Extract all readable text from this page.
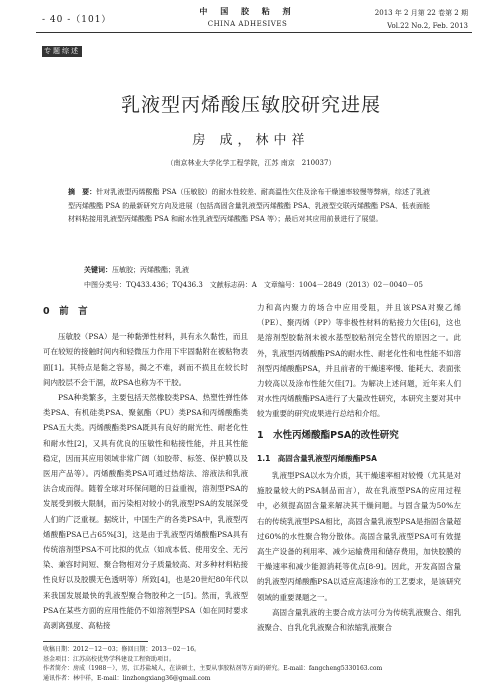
- 40 -（101）
中 国 胶 粘 剂
CHINA ADHESIVES
2013 年 2 月第 22 卷第 2 期
Vol.22 No.2, Feb. 2013
专题综述
乳液型丙烯酸压敏胶研究进展
房 成，林中祥
（南京林业大学化学工程学院，江苏 南京　210037）
摘　要：针对乳液型丙烯酸酯 PSA（压敏胶）的耐水性较差、耐高温性欠佳及涂布干燥速率较慢等弊病，综述了乳液型丙烯酸酯 PSA 的最新研究方向及进展（包括高固含量乳液型丙烯酸酯 PSA、乳液型交联丙烯酸酯 PSA、低表面能材料粘接用乳液型丙烯酸酯 PSA 和耐水性乳液型丙烯酸酯 PSA 等）；最后对其应用前景进行了展望。
关键词：压敏胶；丙烯酸酯；乳液
中图分类号：TQ433.436；TQ436.3　文献标志码：A　文章编号：1004－2849（2013）02－0040－05
0　前　言

压敏胶（PSA）是一种黏弹性材料，具有永久黏性，而且可在较短的接触时间内和轻微压力作用下牢固黏附在被粘物表面[1]。其特点是黏之容易，揭之不难，剥而不损且在较长时间内胶层不会干涸，故PSA也称为不干胶。

PSA种类繁多，主要包括天然橡胶类PSA、热塑性弹性体类PSA、有机硅类PSA、聚氨酯（PU）类PSA和丙烯酸酯类PSA五大类。丙烯酸酯类PSA既具有良好的耐光性、耐老化性和耐水性[2]，又具有优良的压敏性和粘接性能，并且其性能稳定，因而其应用领域非常广阔（如胶带、标签、保护膜以及医用产品等）。丙烯酸酯类PSA可通过热熔法、溶液法和乳液法合成而得。随着全球对环保问题的日益重视，溶剂型PSA的发展受到极大限制，而污染相对较小的乳液型PSA的发展深受人们的广泛重视。据统计，中国生产的各类PSA中，乳液型丙烯酸酯PSA已占65%[3]，这是由于乳液型丙烯酸酯PSA具有传统溶剂型PSA不可比拟的优点（如成本低、使用安全、无污染、兼容时间短、聚合物相对分子质量较高、对多种材料粘接性良好以及胶膜无色透明等）所致[4]，也是20世纪80年代以来我国发展最快的乳液型聚合物胶种之一[5]。然而，乳液型PSA在某些方面的应用性能仍不如溶剂型PSA（如在同时要求高剥离强度、高粘接

力和高内聚力的场合中应用受阻，并且该PSA对聚乙烯（PE）、聚丙烯（PP）等非极性材料的粘接力欠佳[6]，这也是溶剂型胶黏剂未被水基型胶粘剂完全替代的原因之一。此外，乳液型丙烯酸酯PSA的耐水性、耐老化性和电性能不如溶剂型丙烯酸酯PSA，并且前者的干燥速率慢、能耗大、表面张力较高以及涂布性能欠佳[7]。为解决上述问题，近年来人们对水性丙烯酸酯PSA进行了大量改性研究，本研究主要对其中较为重要的研究成果进行总结和介绍。

1　水性丙烯酸酯PSA的改性研究
1.1　高固含量乳液型丙烯酸酯PSA

乳液型PSA以水为介质，其干燥速率相对较慢（尤其是对施胶量较大的PSA制品而言），故在乳液型PSA的应用过程中，必须提高固含量来解决其干燥问题。与固含量为50%左右的传统乳液型PSA相比，高固含量乳液型PSA是指固含量超过60%的水性聚合物分散体。高固含量乳液型PSA可有效提高生产设备的利用率、减少运输费用和储存费用，加快胶膜的干燥速率和减少能源消耗等优点[8-9]。因此，开发高固含量的乳液型丙烯酸酯PSA以适应高速涂布的工艺要求，是该研究领域的重要课题之一。

高固含量乳液的主要合成方法可分为传统乳液聚合、细乳液聚合、自乳化乳液聚合和浓缩乳液聚合

收稿日期：2012－12－03；修回日期：2013－02－16。
基金项目：江苏高校优势学科建设工程资助项目。
作者简介：房成（1988－），男，江苏盐城人，在读硕士，主要从事胶粘剂等方面的研究。E-mail：fangcheng5330163.com
通讯作者：林中祥，E-mail：linzhongxiang36@gmail.com
